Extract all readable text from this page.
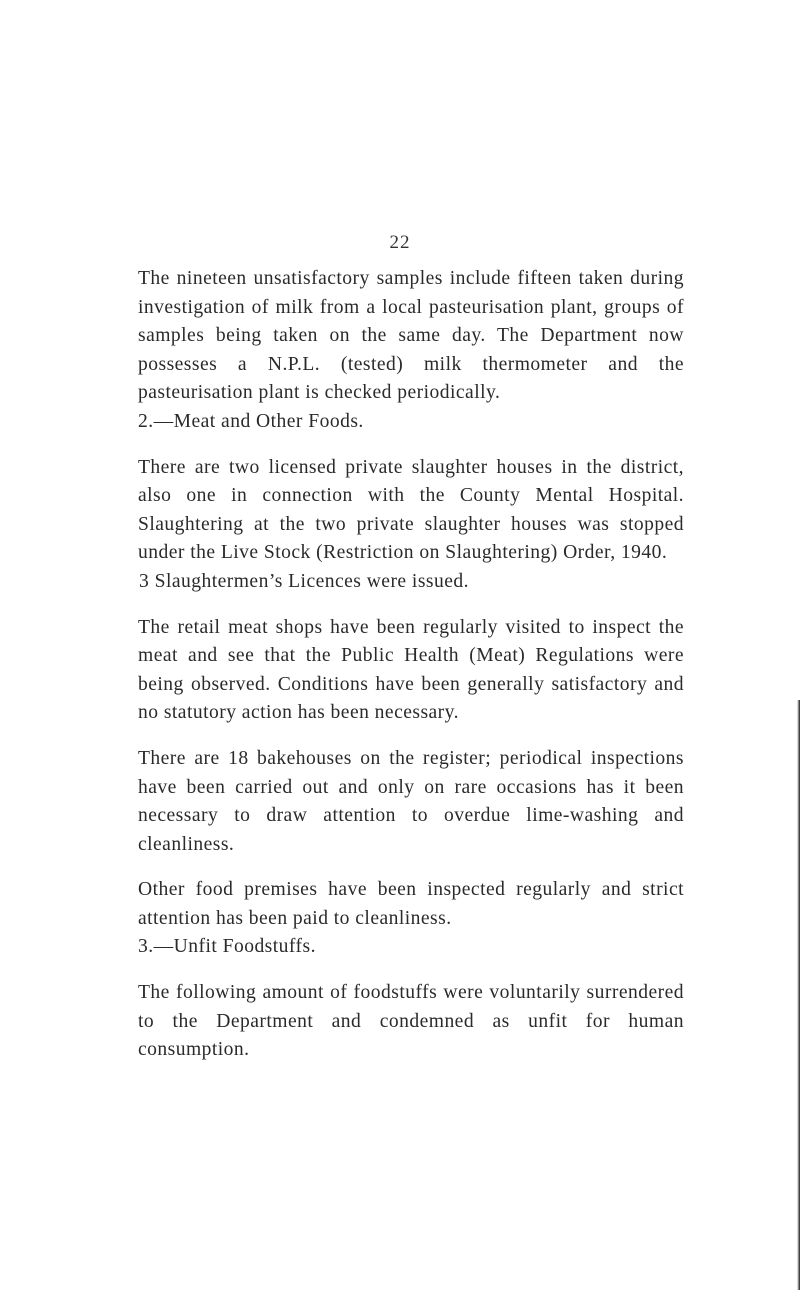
22

The nineteen unsatisfactory samples include fifteen taken during investigation of milk from a local pasteurisation plant, groups of samples being taken on the same day. The Department now possesses a N.P.L. (tested) milk thermometer and the pasteurisation plant is checked periodically.

2.—Meat and Other Foods.

There are two licensed private slaughter houses in the district, also one in connection with the County Mental Hospital. Slaughtering at the two private slaughter houses was stopped under the Live Stock (Restriction on Slaughtering) Order, 1940.

3 Slaughtermen’s Licences were issued.

The retail meat shops have been regularly visited to inspect the meat and see that the Public Health (Meat) Regulations were being observed. Conditions have been generally satisfactory and no statutory action has been necessary.

There are 18 bakehouses on the register; periodical inspections have been carried out and only on rare occasions has it been necessary to draw attention to overdue lime-washing and cleanliness.

Other food premises have been inspected regularly and strict attention has been paid to cleanliness.

3.—Unfit Foodstuffs.

The following amount of foodstuffs were voluntarily surrendered to the Department and condemned as unfit for human consumption.
